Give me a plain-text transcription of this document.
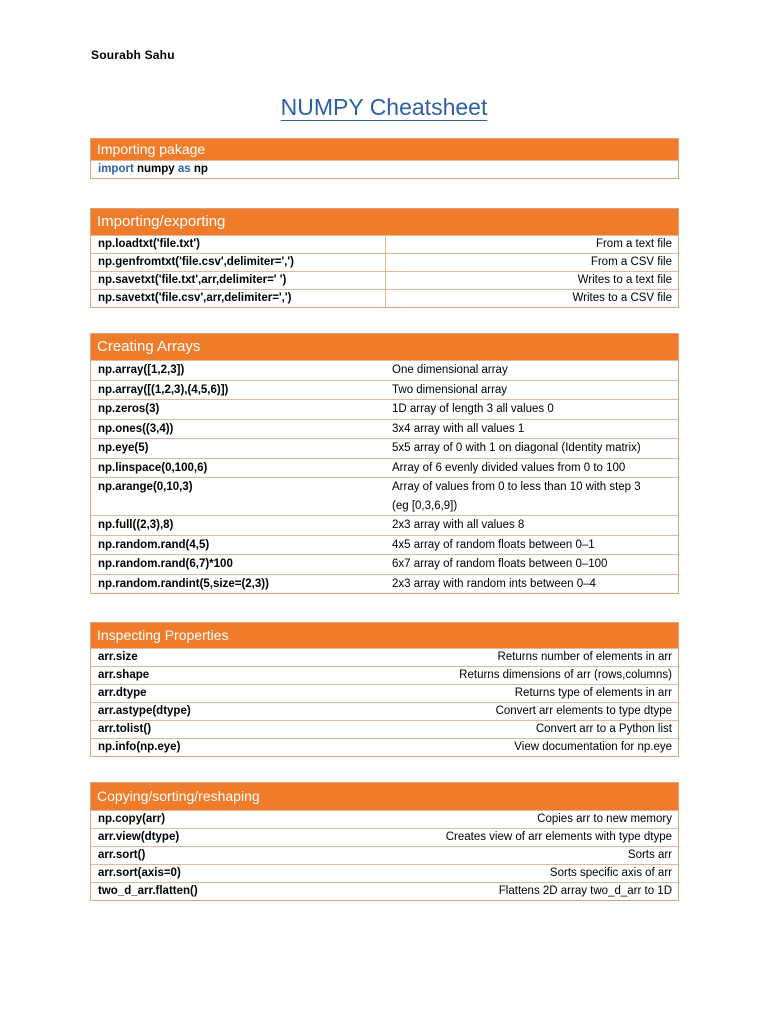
Sourabh Sahu
NUMPY Cheatsheet
Importing pakage
import numpy as np
Importing/exporting
np.loadtxt('file.txt')	From a text file
np.genfromtxt('file.csv',delimiter=',')	From a CSV file
np.savetxt('file.txt',arr,delimiter=' ')	Writes to a text file
np.savetxt('file.csv',arr,delimiter=',')	Writes to a CSV file
Creating Arrays
np.array([1,2,3])	One dimensional array
np.array([(1,2,3),(4,5,6)])	Two dimensional array
np.zeros(3)	1D array of length 3 all values 0
np.ones((3,4))	3x4 array with all values 1
np.eye(5)	5x5 array of 0 with 1 on diagonal (Identity matrix)
np.linspace(0,100,6)	Array of 6 evenly divided values from 0 to 100
np.arange(0,10,3)	Array of values from 0 to less than 10 with step 3
(eg [0,3,6,9])
np.full((2,3),8)	2x3 array with all values 8
np.random.rand(4,5)	4x5 array of random floats between 0–1
np.random.rand(6,7)*100	6x7 array of random floats between 0–100
np.random.randint(5,size=(2,3))	2x3 array with random ints between 0–4
Inspecting Properties
arr.size	Returns number of elements in arr
arr.shape	Returns dimensions of arr (rows,columns)
arr.dtype	Returns type of elements in arr
arr.astype(dtype)	Convert arr elements to type dtype
arr.tolist()	Convert arr to a Python list
np.info(np.eye)	View documentation for np.eye
Copying/sorting/reshaping
np.copy(arr)	Copies arr to new memory
arr.view(dtype)	Creates view of arr elements with type dtype
arr.sort()	Sorts arr
arr.sort(axis=0)	Sorts specific axis of arr
two_d_arr.flatten()	Flattens 2D array two_d_arr to 1D
